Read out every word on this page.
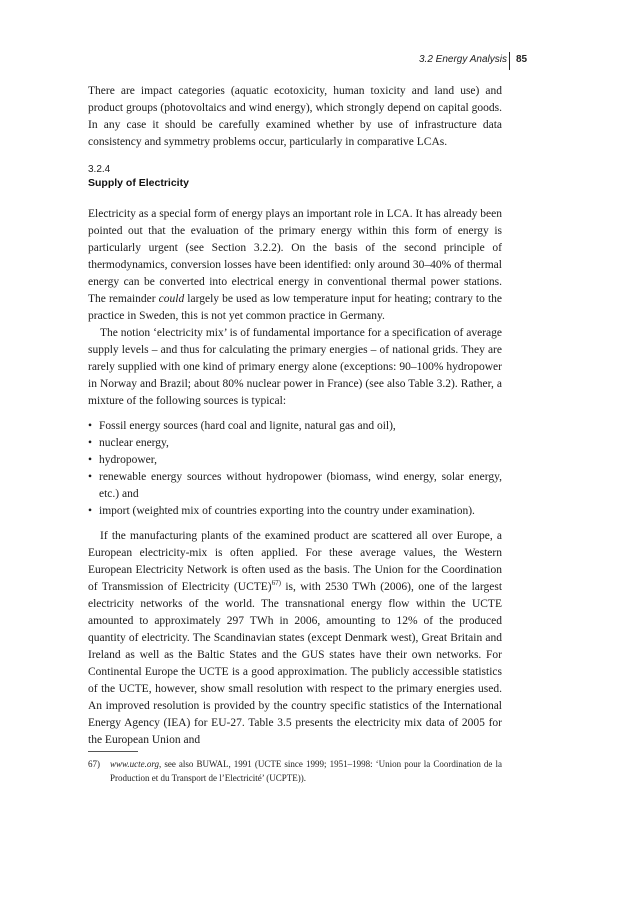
3.2 Energy Analysis 85

There are impact categories (aquatic ecotoxicity, human toxicity and land use) and product groups (photovoltaics and wind energy), which strongly depend on capital goods. In any case it should be carefully examined whether by use of infrastructure data consistency and symmetry problems occur, particularly in comparative LCAs.

3.2.4
Supply of Electricity

Electricity as a special form of energy plays an important role in LCA. It has already been pointed out that the evaluation of the primary energy within this form of energy is particularly urgent (see Section 3.2.2). On the basis of the second principle of thermodynamics, conversion losses have been identified: only around 30–40% of thermal energy can be converted into electrical energy in conventional thermal power stations. The remainder could largely be used as low temperature input for heating; contrary to the practice in Sweden, this is not yet common practice in Germany.

The notion ‘electricity mix’ is of fundamental importance for a specification of average supply levels – and thus for calculating the primary energies – of national grids. They are rarely supplied with one kind of primary energy alone (exceptions: 90–100% hydropower in Norway and Brazil; about 80% nuclear power in France) (see also Table 3.2). Rather, a mixture of the following sources is typical:

• Fossil energy sources (hard coal and lignite, natural gas and oil),
• nuclear energy,
• hydropower,
• renewable energy sources without hydropower (biomass, wind energy, solar energy, etc.) and
• import (weighted mix of countries exporting into the country under examination).

If the manufacturing plants of the examined product are scattered all over Europe, a European electricity-mix is often applied. For these average values, the Western European Electricity Network is often used as the basis. The Union for the Coordination of Transmission of Electricity (UCTE)$^{67)}$ is, with 2530 TWh (2006), one of the largest electricity networks of the world. The transnational energy flow within the UCTE amounted to approximately 297 TWh in 2006, amounting to 12% of the produced quantity of electricity. The Scandinavian states (except Denmark west), Great Britain and Ireland as well as the Baltic States and the GUS states have their own networks. For Continental Europe the UCTE is a good approximation. The publicly accessible statistics of the UCTE, however, show small resolution with respect to the primary energies used. An improved resolution is provided by the country specific statistics of the International Energy Agency (IEA) for EU-27. Table 3.5 presents the electricity mix data of 2005 for the European Union and

67)	www.ucte.org, see also BUWAL, 1991 (UCTE since 1999; 1951–1998: ‘Union pour la Coordination de la Production et du Transport de l’Electricité’ (UCPTE)).
